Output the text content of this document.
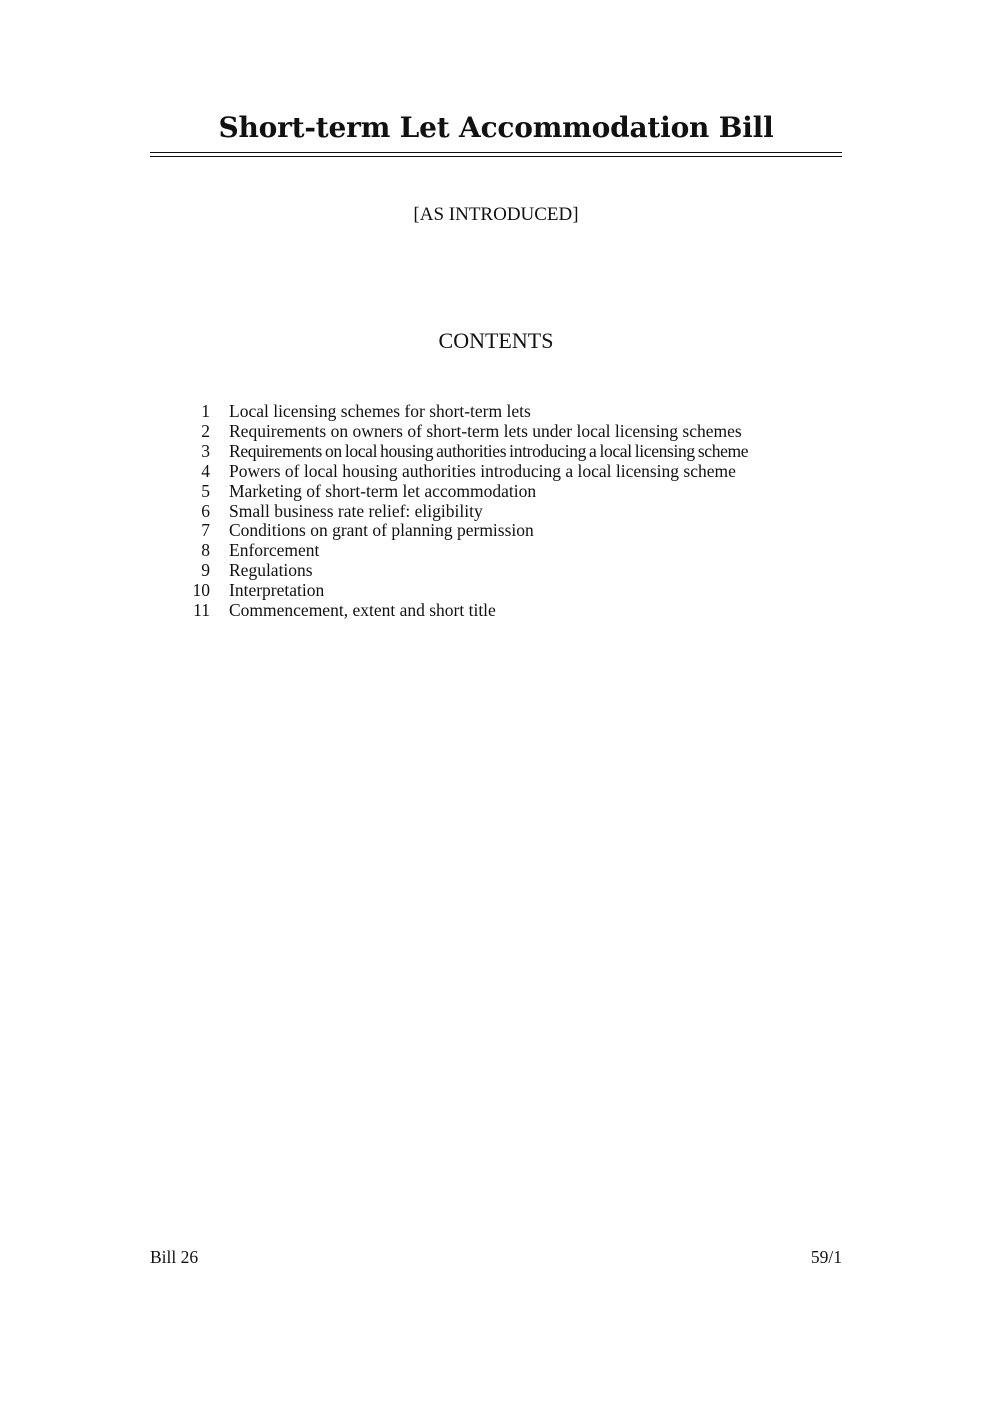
Short-term Let Accommodation Bill
[AS INTRODUCED]
CONTENTS
1	Local licensing schemes for short-term lets
2	Requirements on owners of short-term lets under local licensing schemes
3	Requirements on local housing authorities introducing a local licensing scheme
4	Powers of local housing authorities introducing a local licensing scheme
5	Marketing of short-term let accommodation
6	Small business rate relief: eligibility
7	Conditions on grant of planning permission
8	Enforcement
9	Regulations
10	Interpretation
11	Commencement, extent and short title
Bill 26	59/1
